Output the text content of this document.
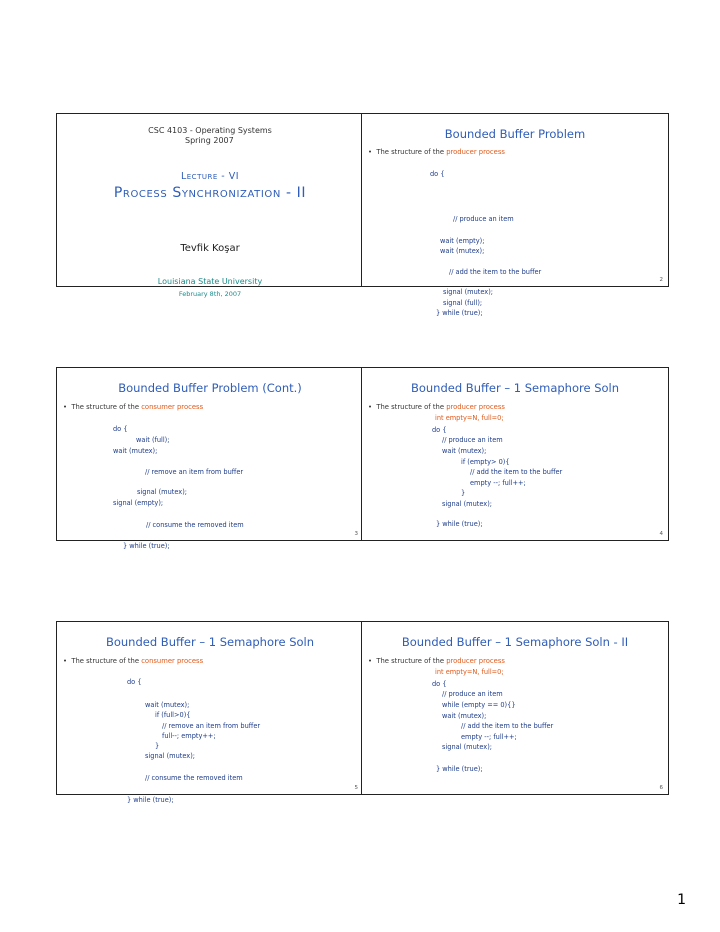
CSC 4103 - Operating Systems
Spring 2007
Lecture - VI
Process Synchronization - II
Tevfik Koşar
Louisiana State University
February 8th, 2007
Bounded Buffer Problem
•  The structure of the producer process
do {
// produce an item
wait (empty);
wait (mutex);
// add the item to the buffer
signal (mutex);
signal (full);
} while (true);
2
Bounded Buffer Problem (Cont.)
•  The structure of the consumer process
do {
wait (full);
wait (mutex);
// remove an item from buffer
signal (mutex);
signal (empty);
// consume the removed item
} while (true);
3
Bounded Buffer – 1 Semaphore Soln
•  The structure of the producer process
int empty=N, full=0;
do {
// produce an item
wait (mutex);
if (empty> 0){
// add the item to the buffer
empty --; full++;
}
signal (mutex);
} while (true);
4
Bounded Buffer – 1 Semaphore Soln
•  The structure of the consumer process
do {
wait (mutex);
if (full>0){
// remove an item from buffer
full--; empty++;
}
signal (mutex);
// consume the removed item
} while (true);
5
Bounded Buffer – 1 Semaphore Soln - II
•  The structure of the producer process
int empty=N, full=0;
do {
// produce an item
while (empty == 0){}
wait (mutex);
// add the item to the buffer
empty --; full++;
signal (mutex);
} while (true);
6
1
